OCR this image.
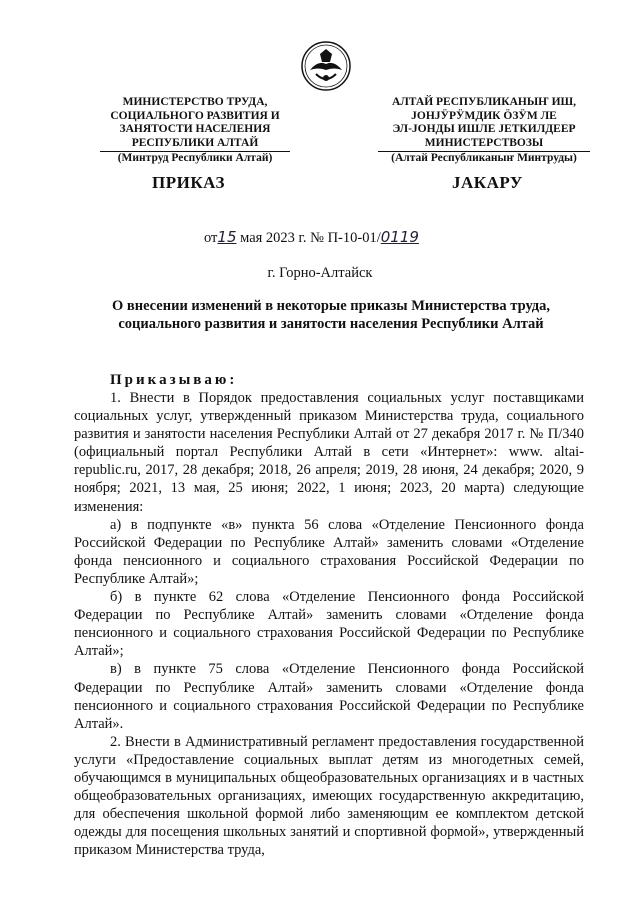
МИНИСТЕРСТВО ТРУДА,
СОЦИАЛЬНОГО РАЗВИТИЯ И
ЗАНЯТОСТИ НАСЕЛЕНИЯ
РЕСПУБЛИКИ АЛТАЙ
(Минтруд Республики Алтай)
АЛТАЙ РЕСПУБЛИКАНЫҤ ИШ,
ЈОНЈӰРӰМДИК ӦЗӰМ ЛЕ
ЭЛ-ЈОНДЫ ИШЛЕ ЈЕТКИЛДЕЕР
МИНИСТЕРСТВОЗЫ
(Алтай Республиканыҥ Минтруды)
ПРИКАЗ	ЈАКАРУ
от15 мая 2023 г. № П-10-01/0119
г. Горно-Алтайск
О внесении изменений в некоторые приказы Министерства труда, социального развития и занятости населения Республики Алтай
Приказываю:

1. Внести в Порядок предоставления социальных услуг поставщиками социальных услуг, утвержденный приказом Министерства труда, социального развития и занятости населения Республики Алтай от 27 декабря 2017 г. № П/340 (официальный портал Республики Алтай в сети «Интернет»: www. altai-republic.ru, 2017, 28 декабря; 2018, 26 апреля; 2019, 28 июня, 24 декабря; 2020, 9 ноября; 2021, 13 мая, 25 июня; 2022, 1 июня; 2023, 20 марта) следующие изменения:

а) в подпункте «в» пункта 56 слова «Отделение Пенсионного фонда Российской Федерации по Республике Алтай» заменить словами «Отделение фонда пенсионного и социального страхования Российской Федерации по Республике Алтай»;

б) в пункте 62 слова «Отделение Пенсионного фонда Российской Федерации по Республике Алтай» заменить словами «Отделение фонда пенсионного и социального страхования Российской Федерации по Республике Алтай»;

в) в пункте 75 слова «Отделение Пенсионного фонда Российской Федерации по Республике Алтай» заменить словами «Отделение фонда пенсионного и социального страхования Российской Федерации по Республике Алтай».

2. Внести в Административный регламент предоставления государственной услуги «Предоставление социальных выплат детям из многодетных семей, обучающимся в муниципальных общеобразовательных организациях и в частных общеобразовательных организациях, имеющих государственную аккредитацию, для обеспечения школьной формой либо заменяющим ее комплектом детской одежды для посещения школьных занятий и спортивной формой», утвержденный приказом Министерства труда,
